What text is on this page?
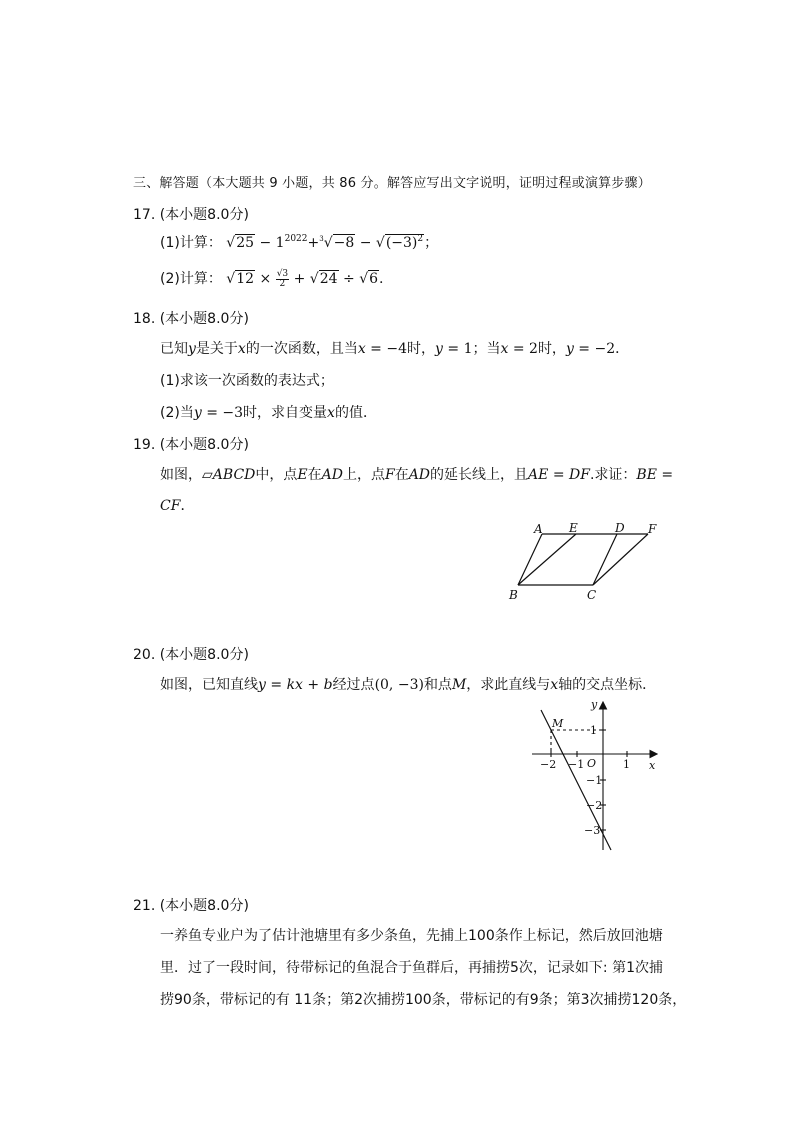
三、解答题（本大题共 9 小题，共 86 分。解答应写出文字说明，证明过程或演算步骤）
17. (本小题8.0分)
(1)计算： $√25 - 1^{2022}+^3√-8 - √(-3)^2$；
(2)计算： $√12 \times \frac{√3}{2} + √24 \div √6$.
18. (本小题8.0分)
已知y是关于x的一次函数，且当x = −4时，y = 1；当x = 2时，y = −2．
(1)求该一次函数的表达式；
(2)当y = −3时，求自变量x的值．
19. (本小题8.0分)
如图，▱ABCD中，点E在AD上，点F在AD的延长线上，且AE = DF.求证：BE =
CF．
A E	D F
B	C
20. (本小题8.0分)
如图，已知直线y = kx + b经过点(0, −3)和点M，求此直线与x轴的交点坐标．
y
x
O
M
−2 −1	1
1
−1
−2
−3
21. (本小题8.0分)
一养鱼专业户为了估计池塘里有多少条鱼，先捕上100条作上标记，然后放回池塘
里．过了一段时间，待带标记的鱼混合于鱼群后，再捕捞5次，记录如下: 第1次捕
捞90条，带标记的有 11条；第2次捕捞100条，带标记的有9条；第3次捕捞120条，
